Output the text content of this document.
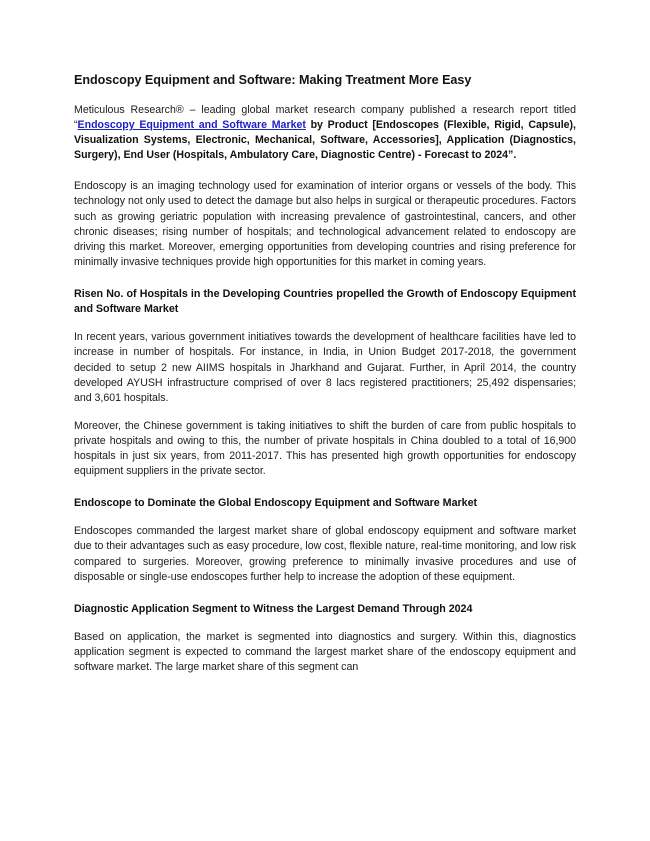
Endoscopy Equipment and Software: Making Treatment More Easy

Meticulous Research® – leading global market research company published a research report titled “Endoscopy Equipment and Software Market by Product [Endoscopes (Flexible, Rigid, Capsule), Visualization Systems, Electronic, Mechanical, Software, Accessories], Application (Diagnostics, Surgery), End User (Hospitals, Ambulatory Care, Diagnostic Centre) - Forecast to 2024”.

Endoscopy is an imaging technology used for examination of interior organs or vessels of the body. This technology not only used to detect the damage but also helps in surgical or therapeutic procedures. Factors such as growing geriatric population with increasing prevalence of gastrointestinal, cancers, and other chronic diseases; rising number of hospitals; and technological advancement related to endoscopy are driving this market. Moreover, emerging opportunities from developing countries and rising preference for minimally invasive techniques provide high opportunities for this market in coming years.

Risen No. of Hospitals in the Developing Countries propelled the Growth of Endoscopy Equipment and Software Market

In recent years, various government initiatives towards the development of healthcare facilities have led to increase in number of hospitals. For instance, in India, in Union Budget 2017-2018, the government decided to setup 2 new AIIMS hospitals in Jharkhand and Gujarat. Further, in April 2014, the country developed AYUSH infrastructure comprised of over 8 lacs registered practitioners; 25,492 dispensaries; and 3,601 hospitals.

Moreover, the Chinese government is taking initiatives to shift the burden of care from public hospitals to private hospitals and owing to this, the number of private hospitals in China doubled to a total of 16,900 hospitals in just six years, from 2011-2017. This has presented high growth opportunities for endoscopy equipment suppliers in the private sector.

Endoscope to Dominate the Global Endoscopy Equipment and Software Market

Endoscopes commanded the largest market share of global endoscopy equipment and software market due to their advantages such as easy procedure, low cost, flexible nature, real-time monitoring, and low risk compared to surgeries. Moreover, growing preference to minimally invasive procedures and use of disposable or single-use endoscopes further help to increase the adoption of these equipment.

Diagnostic Application Segment to Witness the Largest Demand Through 2024

Based on application, the market is segmented into diagnostics and surgery. Within this, diagnostics application segment is expected to command the largest market share of the endoscopy equipment and software market. The large market share of this segment can
